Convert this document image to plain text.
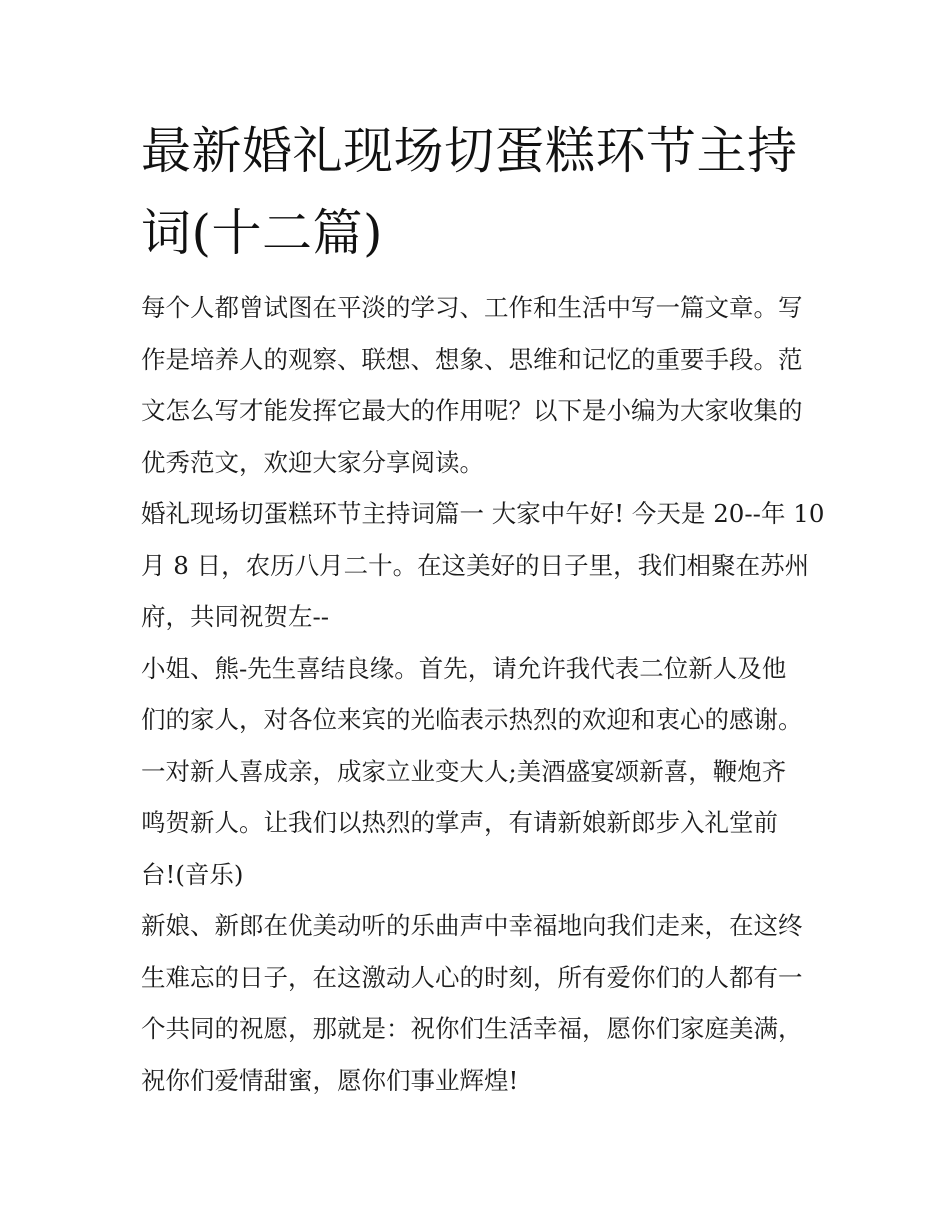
最新婚礼现场切蛋糕环节主持
词(十二篇)
每个人都曾试图在平淡的学习、工作和生活中写一篇文章。写
作是培养人的观察、联想、想象、思维和记忆的重要手段。范
文怎么写才能发挥它最大的作用呢？以下是小编为大家收集的
优秀范文，欢迎大家分享阅读。
婚礼现场切蛋糕环节主持词篇一 大家中午好! 今天是 20--年 10
月 8 日，农历八月二十。在这美好的日子里，我们相聚在苏州
府，共同祝贺左--
小姐、熊-先生喜结良缘。首先，请允许我代表二位新人及他
们的家人，对各位来宾的光临表示热烈的欢迎和衷心的感谢。
一对新人喜成亲，成家立业变大人;美酒盛宴颂新喜，鞭炮齐
鸣贺新人。让我们以热烈的掌声，有请新娘新郎步入礼堂前
台!(音乐)
新娘、新郎在优美动听的乐曲声中幸福地向我们走来，在这终
生难忘的日子，在这激动人心的时刻，所有爱你们的人都有一
个共同的祝愿，那就是：祝你们生活幸福，愿你们家庭美满，
祝你们爱情甜蜜，愿你们事业辉煌!
